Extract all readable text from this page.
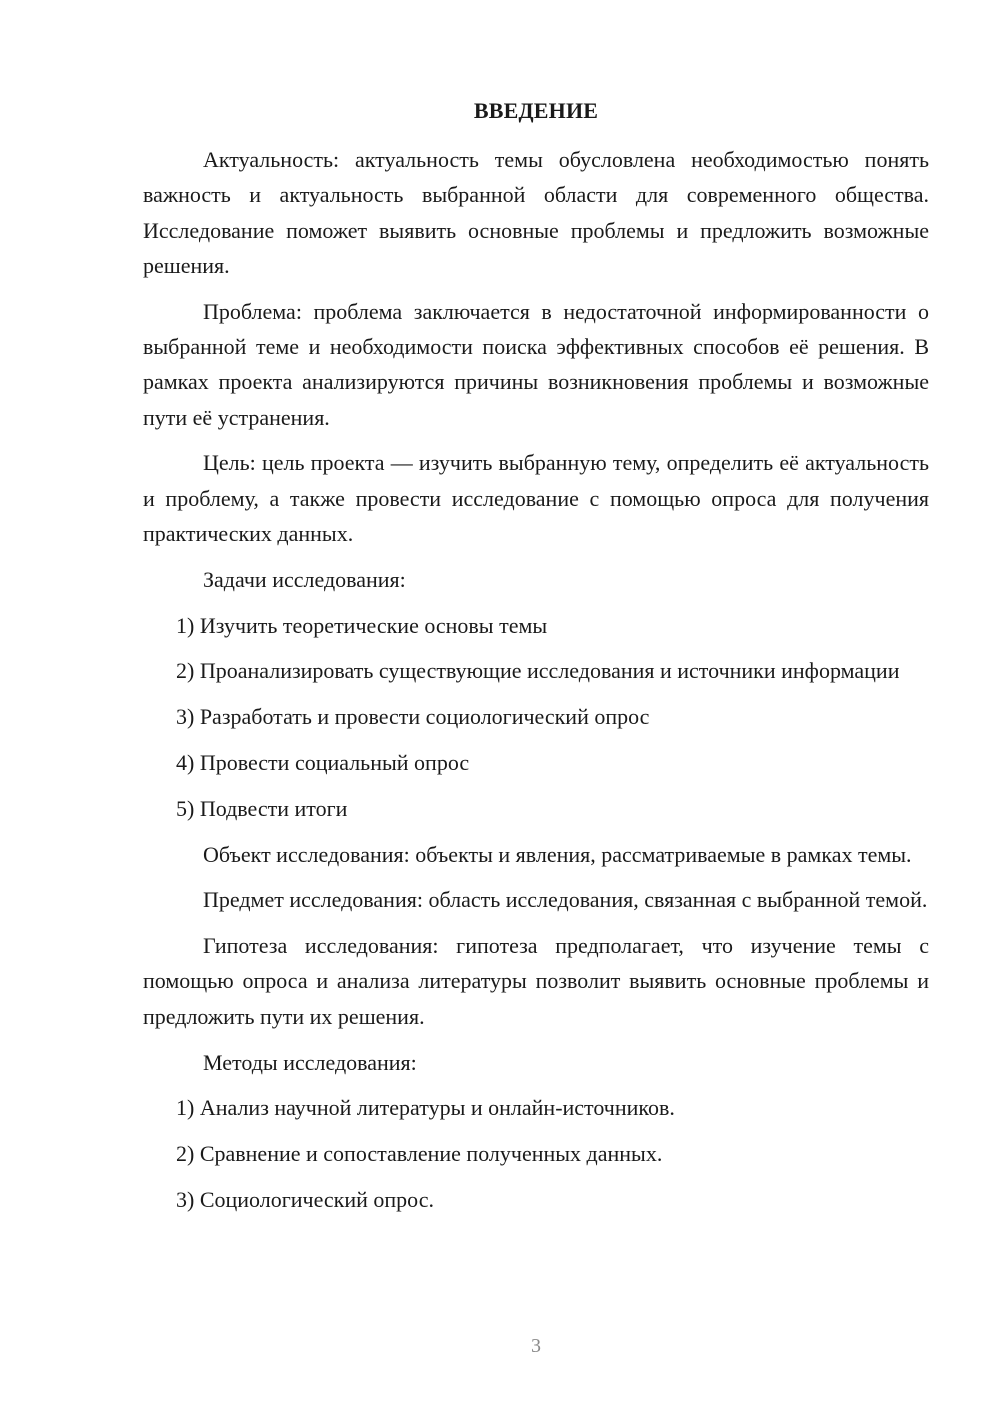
ВВЕДЕНИЕ

Актуальность: актуальность темы обусловлена необходимостью понять важность и актуальность выбранной области для современного общества. Исследование поможет выявить основные проблемы и предложить возможные решения.

Проблема: проблема заключается в недостаточной информированности о выбранной теме и необходимости поиска эффективных способов её решения. В рамках проекта анализируются причины возникновения проблемы и возможные пути её устранения.

Цель: цель проекта — изучить выбранную тему, определить её актуальность и проблему, а также провести исследование с помощью опроса для получения практических данных.

Задачи исследования:

1) Изучить теоретические основы темы

2) Проанализировать существующие исследования и источники информации

3) Разработать и провести социологический опрос

4) Провести социальный опрос

5) Подвести итоги

Объект исследования: объекты и явления, рассматриваемые в рамках темы.

Предмет исследования: область исследования, связанная с выбранной темой.

Гипотеза исследования: гипотеза предполагает, что изучение темы с помощью опроса и анализа литературы позволит выявить основные проблемы и предложить пути их решения.

Методы исследования:

1) Анализ научной литературы и онлайн-источников.

2) Сравнение и сопоставление полученных данных.

3) Социологический опрос.

3
